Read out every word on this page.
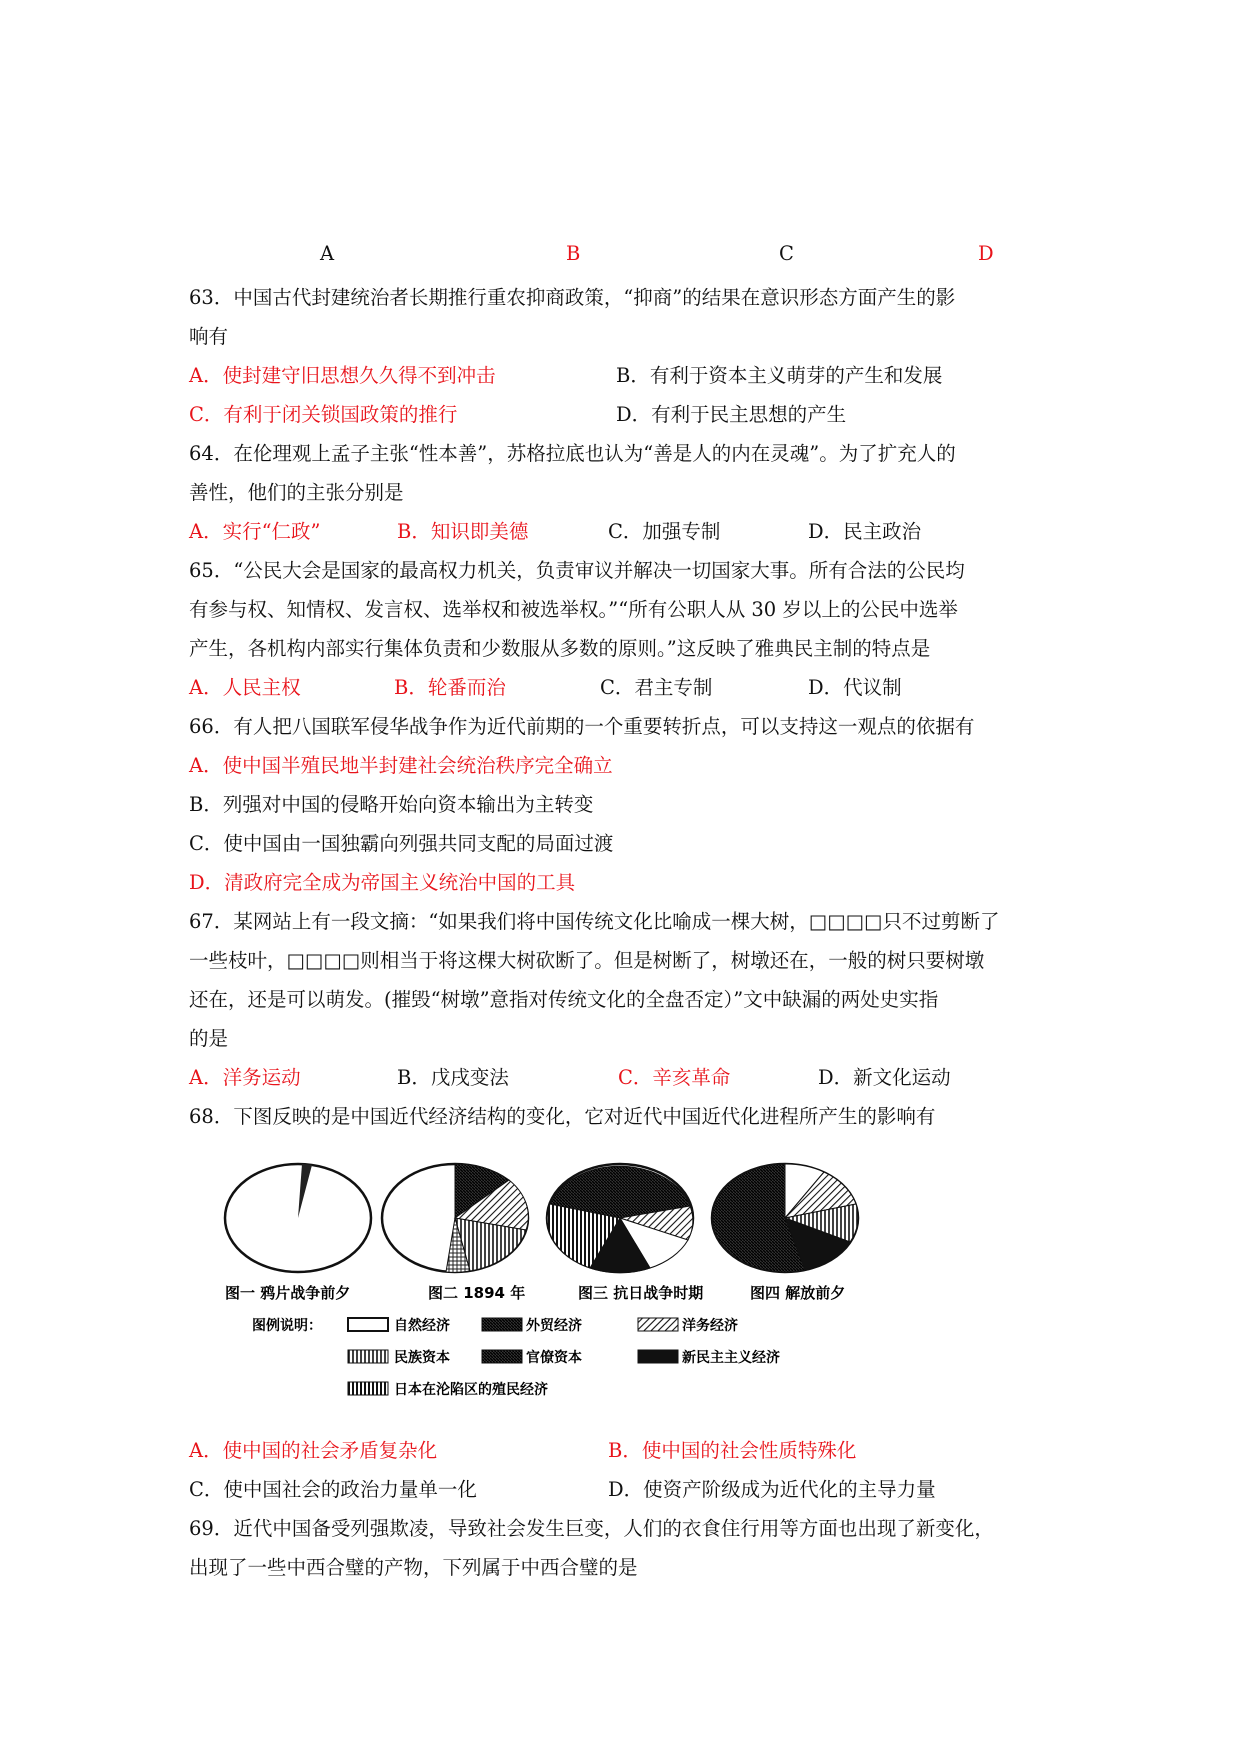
A	B	C	D
63．中国古代封建统治者长期推行重农抑商政策，“抑商”的结果在意识形态方面产生的影
响有
A．使封建守旧思想久久得不到冲击	B．有利于资本主义萌芽的产生和发展
C．有利于闭关锁国政策的推行	D．有利于民主思想的产生
64．在伦理观上孟子主张“性本善”，苏格拉底也认为“善是人的内在灵魂”。为了扩充人的
善性，他们的主张分别是
A．实行“仁政”	B．知识即美德	C．加强专制	D．民主政治
65．“公民大会是国家的最高权力机关，负责审议并解决一切国家大事。所有合法的公民均
有参与权、知情权、发言权、选举权和被选举权。”“所有公职人从 30 岁以上的公民中选举
产生，各机构内部实行集体负责和少数服从多数的原则。”这反映了雅典民主制的特点是
A．人民主权	B．轮番而治	C．君主专制	D．代议制
66．有人把八国联军侵华战争作为近代前期的一个重要转折点，可以支持这一观点的依据有
A．使中国半殖民地半封建社会统治秩序完全确立
B．列强对中国的侵略开始向资本输出为主转变
C．使中国由一国独霸向列强共同支配的局面过渡
D．清政府完全成为帝国主义统治中国的工具
67．某网站上有一段文摘：“如果我们将中国传统文化比喻成一棵大树，□□□□只不过剪断了
一些枝叶，□□□□则相当于将这棵大树砍断了。但是树断了，树墩还在，一般的树只要树墩
还在，还是可以萌发。(摧毁“树墩”意指对传统文化的全盘否定）”文中缺漏的两处史实指
的是
A．洋务运动	B．戊戌变法	C．辛亥革命	D．新文化运动
68．下图反映的是中国近代经济结构的变化，它对近代中国近代化进程所产生的影响有
图一 鸦片战争前夕	图二 1894 年	图三 抗日战争时期	图四 解放前夕
图例说明：	自然经济	外贸经济	洋务经济
民族资本	官僚资本	新民主主义经济
日本在沦陷区的殖民经济
A．使中国的社会矛盾复杂化	B．使中国的社会性质特殊化
C．使中国社会的政治力量单一化	D．使资产阶级成为近代化的主导力量
69．近代中国备受列强欺凌，导致社会发生巨变，人们的衣食住行用等方面也出现了新变化，
出现了一些中西合璧的产物，下列属于中西合璧的是
